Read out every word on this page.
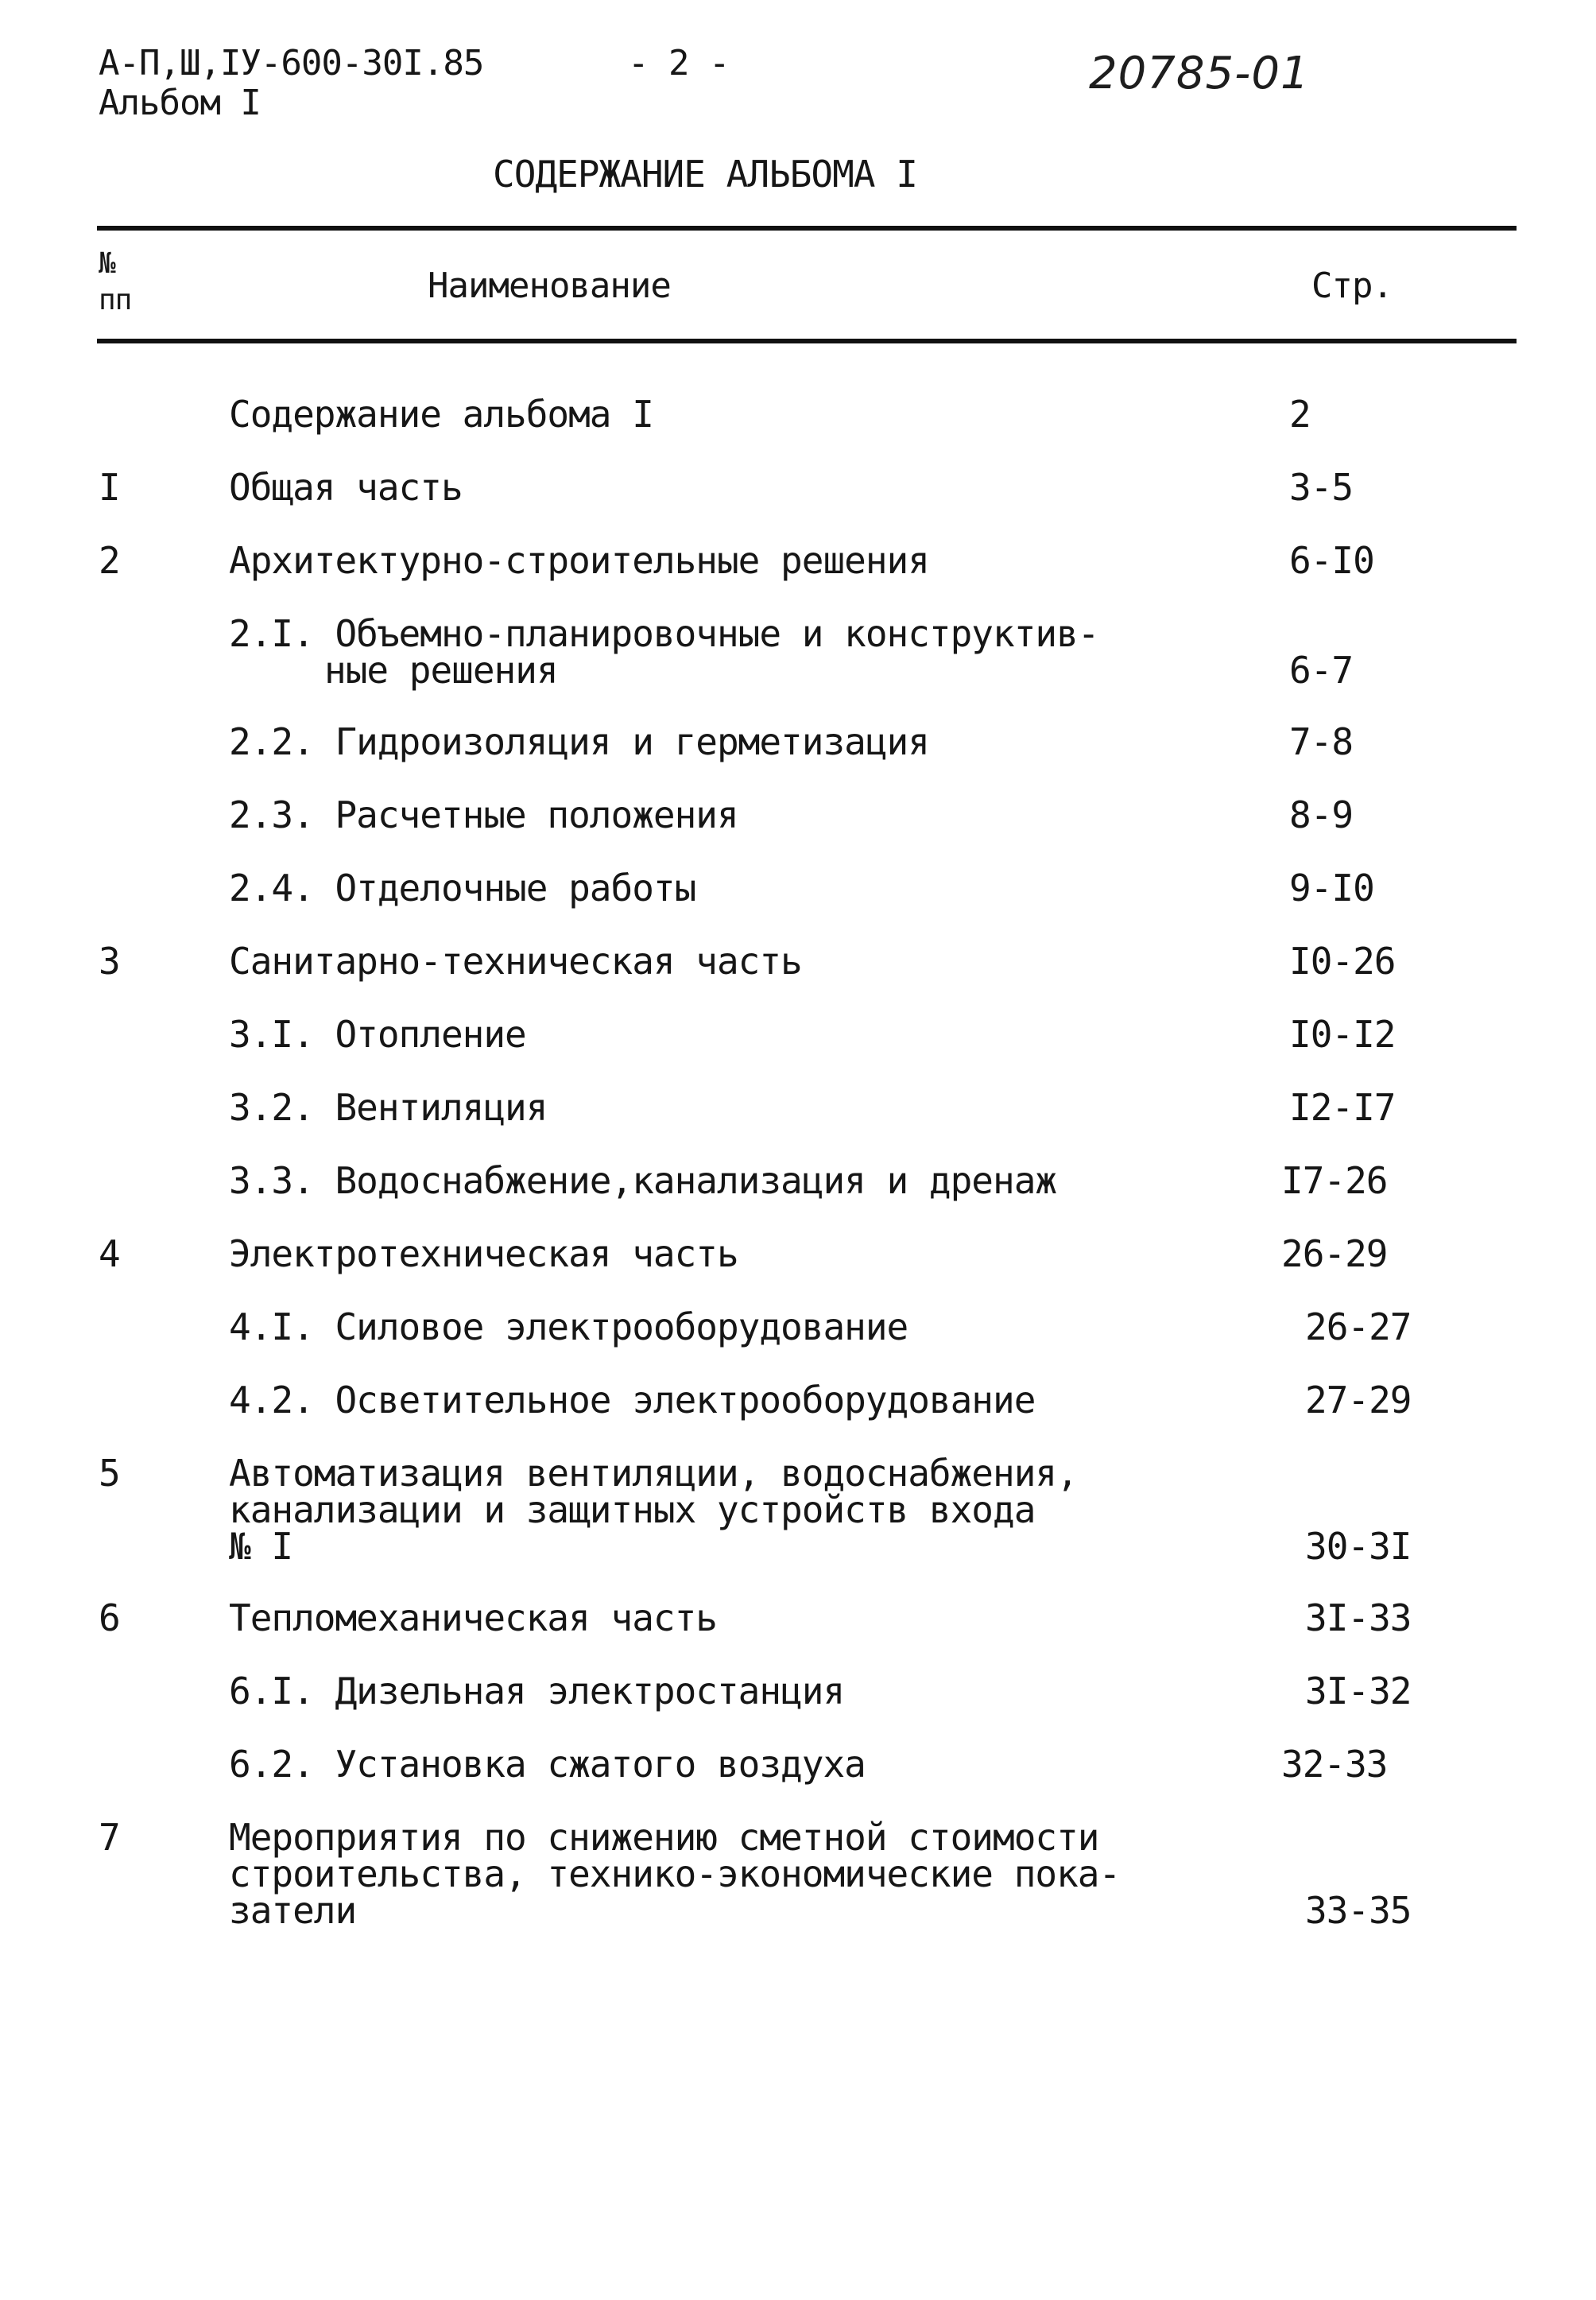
А-П,Ш,IУ-600-30I.85
Альбом I
- 2 -	20785-01
СОДЕРЖАНИЕ АЛЬБОМА I
№
пп	Наименование	Стр.
Содержание альбома I	2
I	Общая часть	3-5
2	Архитектурно-строительные решения	6-I0
2.I. Объемно-планировочные и конструктив-
ные решения	6-7
2.2. Гидроизоляция и герметизация	7-8
2.3. Расчетные положения	8-9
2.4. Отделочные работы	9-I0
3	Санитарно-техническая часть	I0-26
3.I. Отопление	I0-I2
3.2. Вентиляция	I2-I7
3.3. Водоснабжение,канализация и дренаж	I7-26
4	Электротехническая часть	26-29
4.I. Силовое электрооборудование	26-27
4.2. Осветительное электрооборудование	27-29
5	Автоматизация вентиляции, водоснабжения,
канализации и защитных устройств входа
№ I	30-3I
6	Тепломеханическая часть	3I-33
6.I. Дизельная электростанция	3I-32
6.2. Установка сжатого воздуха	32-33
7	Мероприятия по снижению сметной стоимости
строительства, технико-экономические пока-
затели	33-35
